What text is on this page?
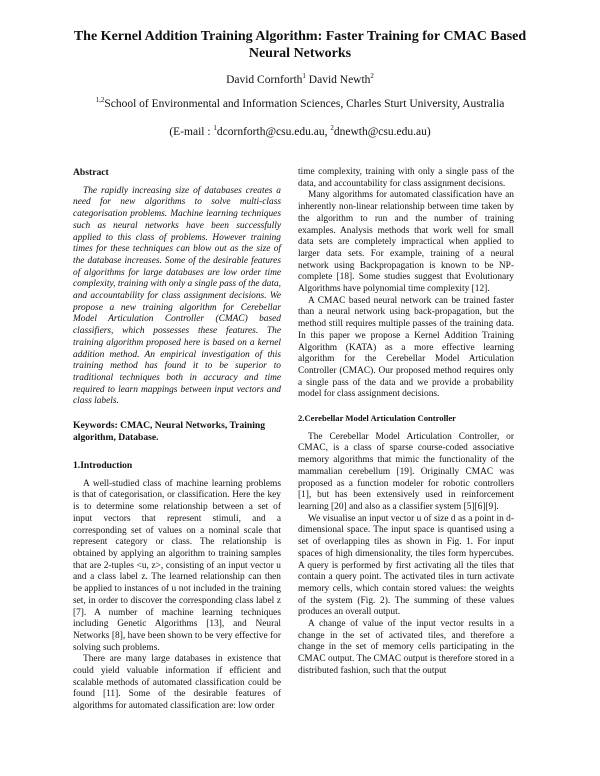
The Kernel Addition Training Algorithm: Faster Training for CMAC Based Neural Networks
David Cornforth$^1$ David Newth$^2$
$^{1,2}$School of Environmental and Information Sciences, Charles Sturt University, Australia
(E-mail : $^1$dcornforth@csu.edu.au, $^2$dnewth@csu.edu.au)
Abstract

The rapidly increasing size of databases creates a need for new algorithms to solve multi-class categorisation problems. Machine learning techniques such as neural networks have been successfully applied to this class of problems. However training times for these techniques can blow out as the size of the database increases. Some of the desirable features of algorithms for large databases are low order time complexity, training with only a single pass of the data, and accountability for class assignment decisions. We propose a new training algorithm for Cerebellar Model Articulation Controller (CMAC) based classifiers, which possesses these features. The training algorithm proposed here is based on a kernel addition method. An empirical investigation of this training method has found it to be superior to traditional techniques both in accuracy and time required to learn mappings between input vectors and class labels.

Keywords: CMAC, Neural Networks, Training algorithm, Database.
1.Introduction

A well-studied class of machine learning problems is that of categorisation, or classification. Here the key is to determine some relationship between a set of input vectors that represent stimuli, and a corresponding set of values on a nominal scale that represent category or class. The relationship is obtained by applying an algorithm to training samples that are 2-tuples <u, z>, consisting of an input vector u and a class label z. The learned relationship can then be applied to instances of u not included in the training set, in order to discover the corresponding class label z [7]. A number of machine learning techniques including Genetic Algorithms [13], and Neural Networks [8], have been shown to be very effective for solving such problems.

There are many large databases in existence that could yield valuable information if efficient and scalable methods of automated classification could be found [11]. Some of the desirable features of algorithms for automated classification are: low order

time complexity, training with only a single pass of the data, and accountability for class assignment decisions.

Many algorithms for automated classification have an inherently non-linear relationship between time taken by the algorithm to run and the number of training examples. Analysis methods that work well for small data sets are completely impractical when applied to larger data sets. For example, training of a neural network using Backpropagation is known to be NP-complete [18]. Some studies suggest that Evolutionary Algorithms have polynomial time complexity [12].

A CMAC based neural network can be trained faster than a neural network using back-propagation, but the method still requires multiple passes of the training data. In this paper we propose a Kernel Addition Training Algorithm (KATA) as a more effective learning algorithm for the Cerebellar Model Articulation Controller (CMAC). Our proposed method requires only a single pass of the data and we provide a probability model for class assignment decisions.

2.Cerebellar Model Articulation Controller

The Cerebellar Model Articulation Controller, or CMAC, is a class of sparse course-coded associative memory algorithms that mimic the functionality of the mammalian cerebellum [19]. Originally CMAC was proposed as a function modeler for robotic controllers [1], but has been extensively used in reinforcement learning [20] and also as a classifier system [5][6][9].

We visualise an input vector u of size d as a point in d-dimensional space. The input space is quantised using a set of overlapping tiles as shown in Fig. 1. For input spaces of high dimensionality, the tiles form hypercubes. A query is performed by first activating all the tiles that contain a query point. The activated tiles in turn activate memory cells, which contain stored values: the weights of the system (Fig. 2). The summing of these values produces an overall output.

A change of value of the input vector results in a change in the set of activated tiles, and therefore a change in the set of memory cells participating in the CMAC output. The CMAC output is therefore stored in a distributed fashion, such that the output
